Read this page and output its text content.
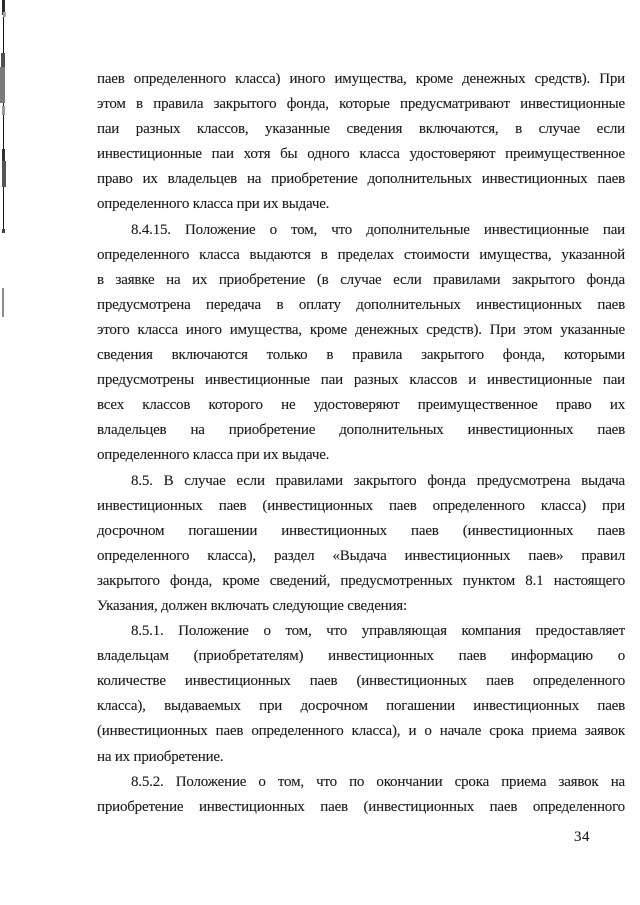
паев определенного класса) иного имущества, кроме денежных средств). При
этом в правила закрытого фонда, которые предусматривают инвестиционные
паи разных классов, указанные сведения включаются, в случае если
инвестиционные паи хотя бы одного класса удостоверяют преимущественное
право их владельцев на приобретение дополнительных инвестиционных паев
определенного класса при их выдаче.
8.4.15. Положение о том, что дополнительные инвестиционные паи
определенного класса выдаются в пределах стоимости имущества, указанной
в заявке на их приобретение (в случае если правилами закрытого фонда
предусмотрена передача в оплату дополнительных инвестиционных паев
этого класса иного имущества, кроме денежных средств). При этом указанные
сведения включаются только в правила закрытого фонда, которыми
предусмотрены инвестиционные паи разных классов и инвестиционные паи
всех классов которого не удостоверяют преимущественное право их
владельцев на приобретение дополнительных инвестиционных паев
определенного класса при их выдаче.
8.5. В случае если правилами закрытого фонда предусмотрена выдача
инвестиционных паев (инвестиционных паев определенного класса) при
досрочном погашении инвестиционных паев (инвестиционных паев
определенного класса), раздел «Выдача инвестиционных паев» правил
закрытого фонда, кроме сведений, предусмотренных пунктом 8.1 настоящего
Указания, должен включать следующие сведения:
8.5.1. Положение о том, что управляющая компания предоставляет
владельцам (приобретателям) инвестиционных паев информацию о
количестве инвестиционных паев (инвестиционных паев определенного
класса), выдаваемых при досрочном погашении инвестиционных паев
(инвестиционных паев определенного класса), и о начале срока приема заявок
на их приобретение.
8.5.2. Положение о том, что по окончании срока приема заявок на
приобретение инвестиционных паев (инвестиционных паев определенного
34
